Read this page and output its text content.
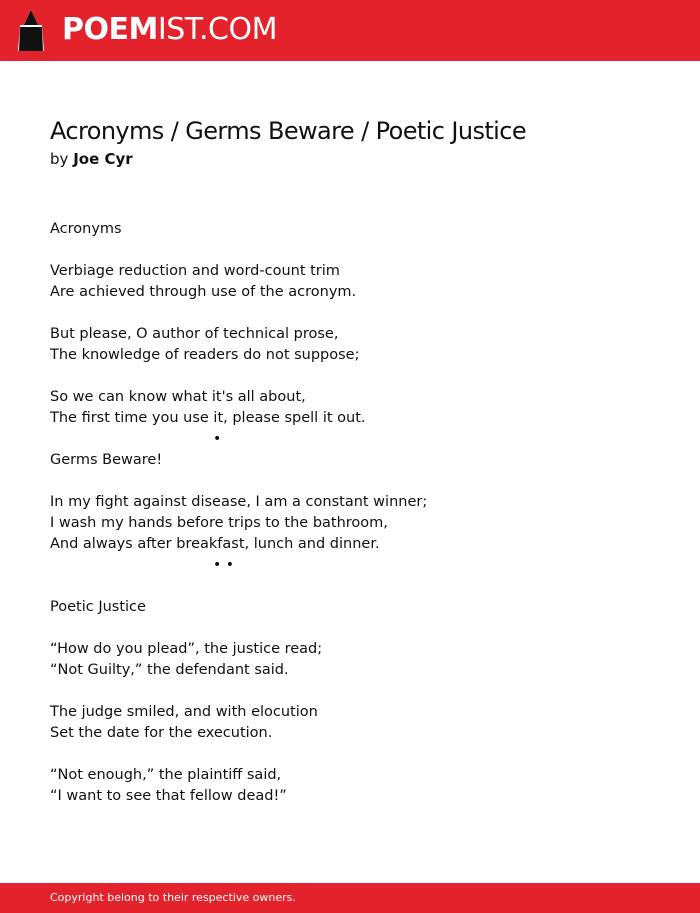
POEMIST.COM
Acronyms / Germs Beware / Poetic Justice
by Joe Cyr
Acronyms
Verbiage reduction and word-count trim
Are achieved through use of the acronym.
But please, O author of technical prose,
The knowledge of readers do not suppose;
So we can know what it's all about,
The first time you use it, please spell it out.
•
Germs Beware!
In my fight against disease, I am a constant winner;
I wash my hands before trips to the bathroom,
And always after breakfast, lunch and dinner.
• •
Poetic Justice
“How do you plead”, the justice read;
“Not Guilty,” the defendant said.
The judge smiled, and with elocution
Set the date for the execution.
“Not enough,” the plaintiff said,
“I want to see that fellow dead!”
Copyright belong to their respective owners.
